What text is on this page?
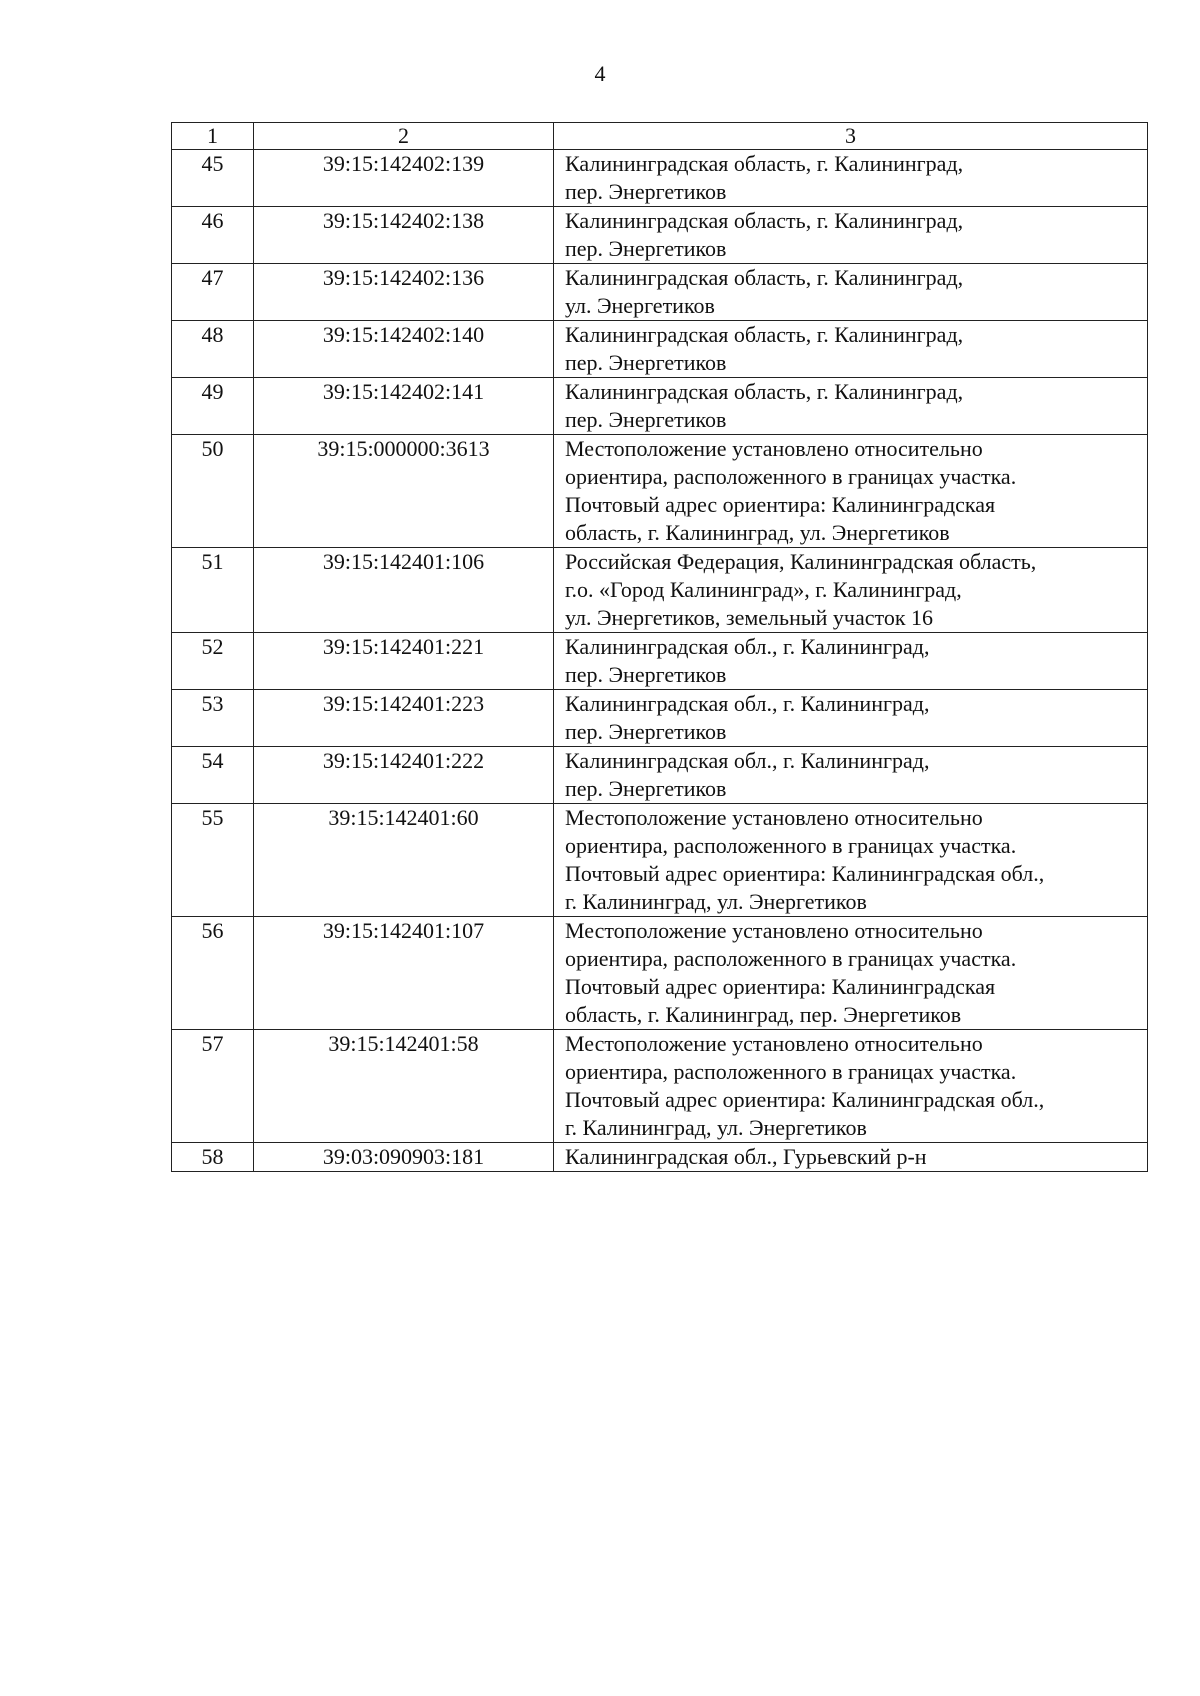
4
1	2	3
45	39:15:142402:139	Калининградская область, г. Калининград,
пер. Энергетиков

46	39:15:142402:138	Калининградская область, г. Калининград,
пер. Энергетиков

47	39:15:142402:136	Калининградская область, г. Калининград,
ул. Энергетиков

48	39:15:142402:140	Калининградская область, г. Калининград,
пер. Энергетиков

49	39:15:142402:141	Калининградская область, г. Калининград,
пер. Энергетиков

50	39:15:000000:3613	Местоположение установлено относительно
ориентира, расположенного в границах участка.
Почтовый адрес ориентира: Калининградская
область, г. Калининград, ул. Энергетиков

51	39:15:142401:106	Российская Федерация, Калининградская область,
г.о. «Город Калининград», г. Калининград,
ул. Энергетиков, земельный участок 16

52	39:15:142401:221	Калининградская обл., г. Калининград,
пер. Энергетиков

53	39:15:142401:223	Калининградская обл., г. Калининград,
пер. Энергетиков

54	39:15:142401:222	Калининградская обл., г. Калининград,
пер. Энергетиков

55	39:15:142401:60	Местоположение установлено относительно
ориентира, расположенного в границах участка.
Почтовый адрес ориентира: Калининградская обл.,
г. Калининград, ул. Энергетиков

56	39:15:142401:107	Местоположение установлено относительно
ориентира, расположенного в границах участка.
Почтовый адрес ориентира: Калининградская
область, г. Калининград, пер. Энергетиков

57	39:15:142401:58	Местоположение установлено относительно
ориентира, расположенного в границах участка.
Почтовый адрес ориентира: Калининградская обл.,
г. Калининград, ул. Энергетиков

58	39:03:090903:181	Калининградская обл., Гурьевский р-н
